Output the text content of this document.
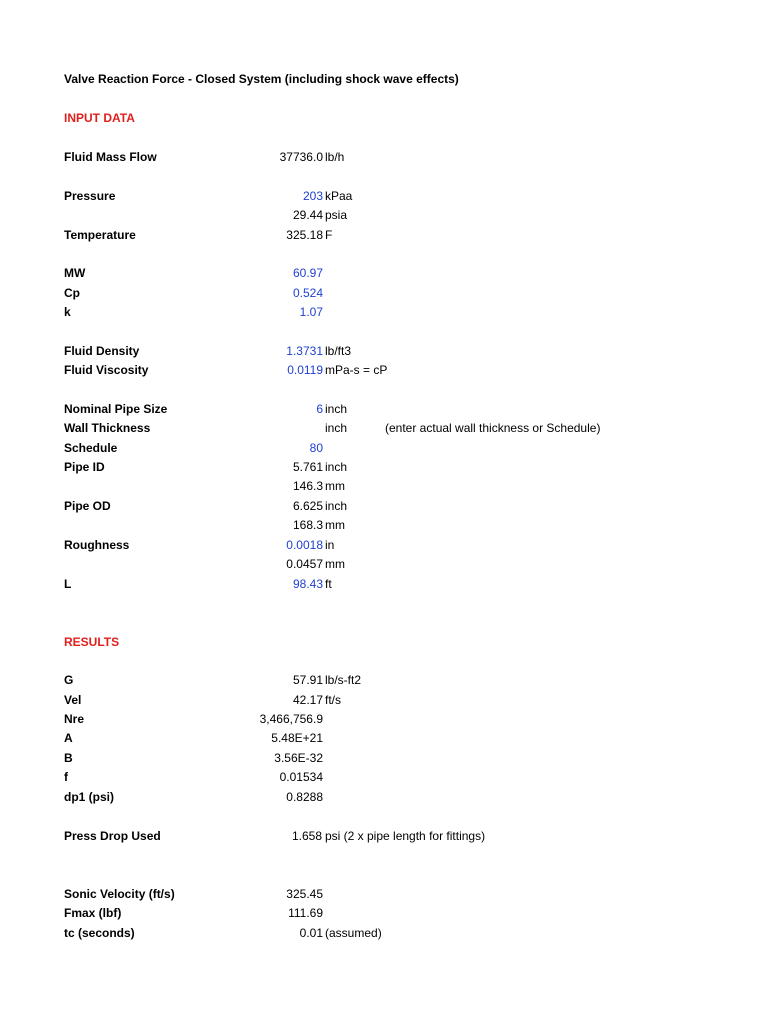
Valve Reaction Force - Closed System (including shock wave effects)
INPUT DATA
Fluid Mass Flow	37736.0 lb/h
Pressure	203 kPaa
29.44 psia
Temperature	325.18 F
MW	60.97
Cp	0.524
k	1.07
Fluid Density	1.3731 lb/ft3
Fluid Viscosity	0.0119 mPa-s = cP
Nominal Pipe Size	6 inch
Wall Thickness	inch	(enter actual wall thickness or Schedule)
Schedule	80
Pipe ID	5.761 inch
146.3 mm
Pipe OD	6.625 inch
168.3 mm
Roughness	0.0018 in
0.0457 mm
L	98.43 ft
RESULTS
G	57.91 lb/s-ft2
Vel	42.17 ft/s
Nre	3,466,756.9
A	5.48E+21
B	3.56E-32
f	0.01534
dp1 (psi)	0.8288
Press Drop Used	1.658 psi (2 x pipe length for fittings)
Sonic Velocity (ft/s)	325.45
Fmax (lbf)	111.69
tc (seconds)	0.01 (assumed)
